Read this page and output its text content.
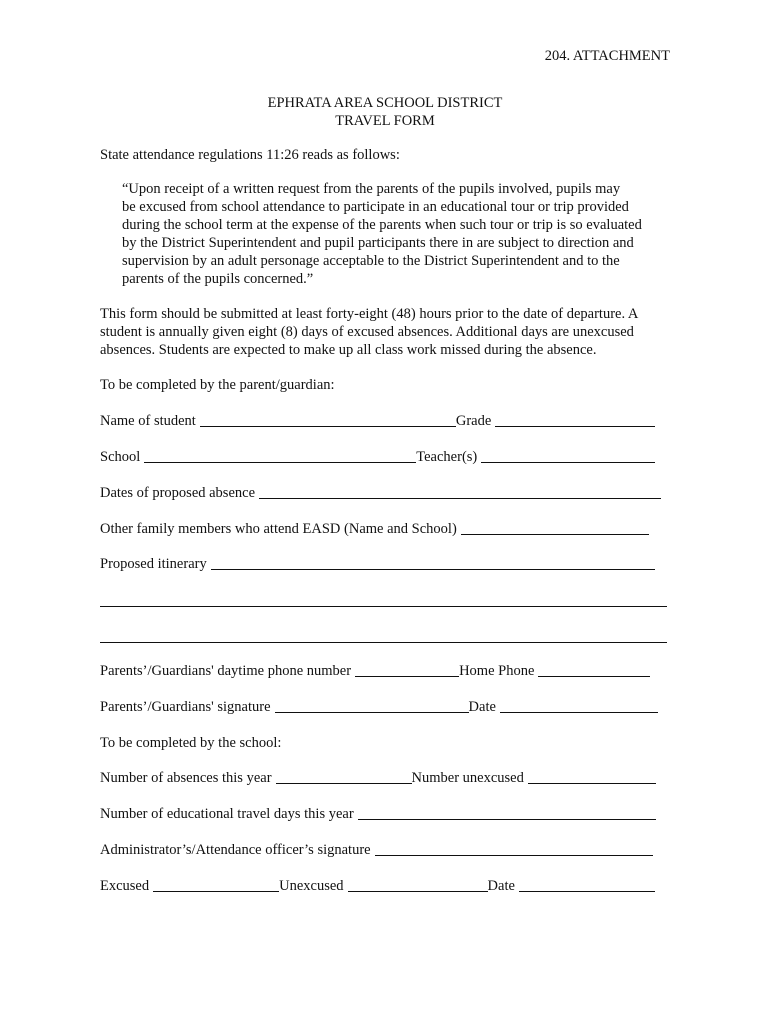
204. ATTACHMENT
EPHRATA AREA SCHOOL DISTRICT
TRAVEL FORM
State attendance regulations 11:26 reads as follows:

“Upon receipt of a written request from the parents of the pupils involved, pupils may

be excused from school attendance to participate in an educational tour or trip provided

during the school term at the expense of the parents when such tour or trip is so evaluated

by the District Superintendent and pupil participants there in are subject to direction and

supervision by an adult personage acceptable to the District Superintendent and to the

parents of the pupils concerned.”

This form should be submitted at least forty-eight (48) hours prior to the date of departure. A

student is annually given eight (8) days of excused absences. Additional days are unexcused

absences. Students are expected to make up all class work missed during the absence.

To be completed by the parent/guardian:
Name of student	Grade
School	Teacher(s)
Dates of proposed absence
Other family members who attend EASD (Name and School)
Proposed itinerary
Parents’/Guardians' daytime phone number	Home Phone
Parents’/Guardians' signature	Date
To be completed by the school:
Number of absences this year	Number unexcused
Number of educational travel days this year
Administrator’s/Attendance officer’s signature
Excused	Unexcused	Date
